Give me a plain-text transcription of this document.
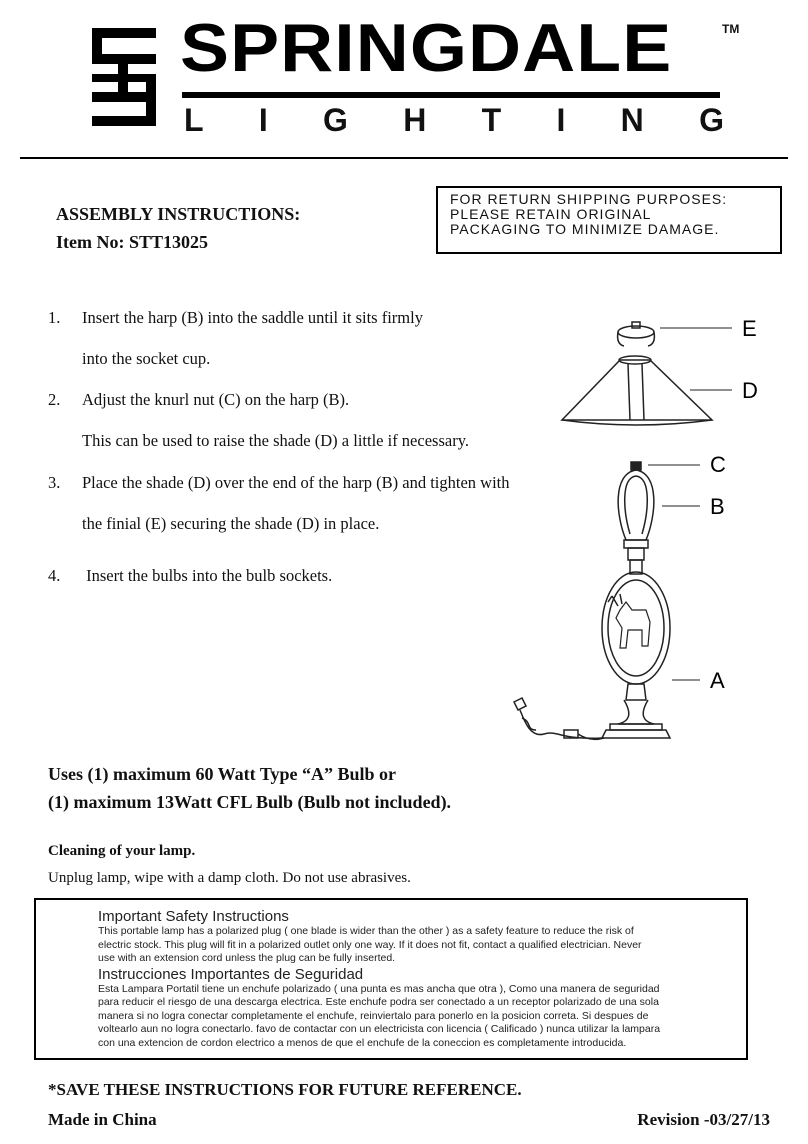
SPRINGDALE	TM
L I G H T I N G
ASSEMBLY INSTRUCTIONS:
Item No: STT13025
FOR RETURN SHIPPING PURPOSES:
PLEASE RETAIN ORIGINAL
PACKAGING TO MINIMIZE DAMAGE.
1. Insert the harp (B) into the saddle until it sits firmly
into the socket cup.
2. Adjust the knurl nut (C) on the harp (B).
This can be used to raise the shade (D) a little if necessary.
3. Place the shade (D) over the end of the harp (B) and tighten with
the finial (E) securing the shade (D) in place.
4. Insert the bulbs into the bulb sockets.
E
D
C
B
A
Uses (1) maximum 60 Watt Type “A” Bulb or
(1) maximum 13Watt CFL Bulb (Bulb not included).
Cleaning of your lamp.
Unplug lamp, wipe with a damp cloth. Do not use abrasives.
Important Safety Instructions
This portable lamp has a polarized plug ( one blade is wider than the other ) as a safety feature to reduce the risk of
electric stock. This plug will fit in a polarized outlet only one way. If it does not fit, contact a qualified electrician. Never
use with an extension cord unless the plug can be fully inserted.
Instrucciones Importantes de Seguridad
Esta Lampara Portatil tiene un enchufe polarizado ( una punta es mas ancha que otra ), Como una manera de seguridad
para reducir el riesgo de una descarga electrica. Este enchufe podra ser conectado a un receptor polarizado de una sola
manera si no logra conectar completamente el enchufe, reinviertalo para ponerlo en la posicion correta. Si despues de
voltearlo aun no logra conectarlo. favo de contactar con un electricista con licencia ( Calificado ) nunca utilizar la lampara
con una extencion de cordon electrico a menos de que el enchufe de la coneccion es completamente introducida.
*SAVE THESE INSTRUCTIONS FOR FUTURE REFERENCE.
Made in China	Revision -03/27/13
